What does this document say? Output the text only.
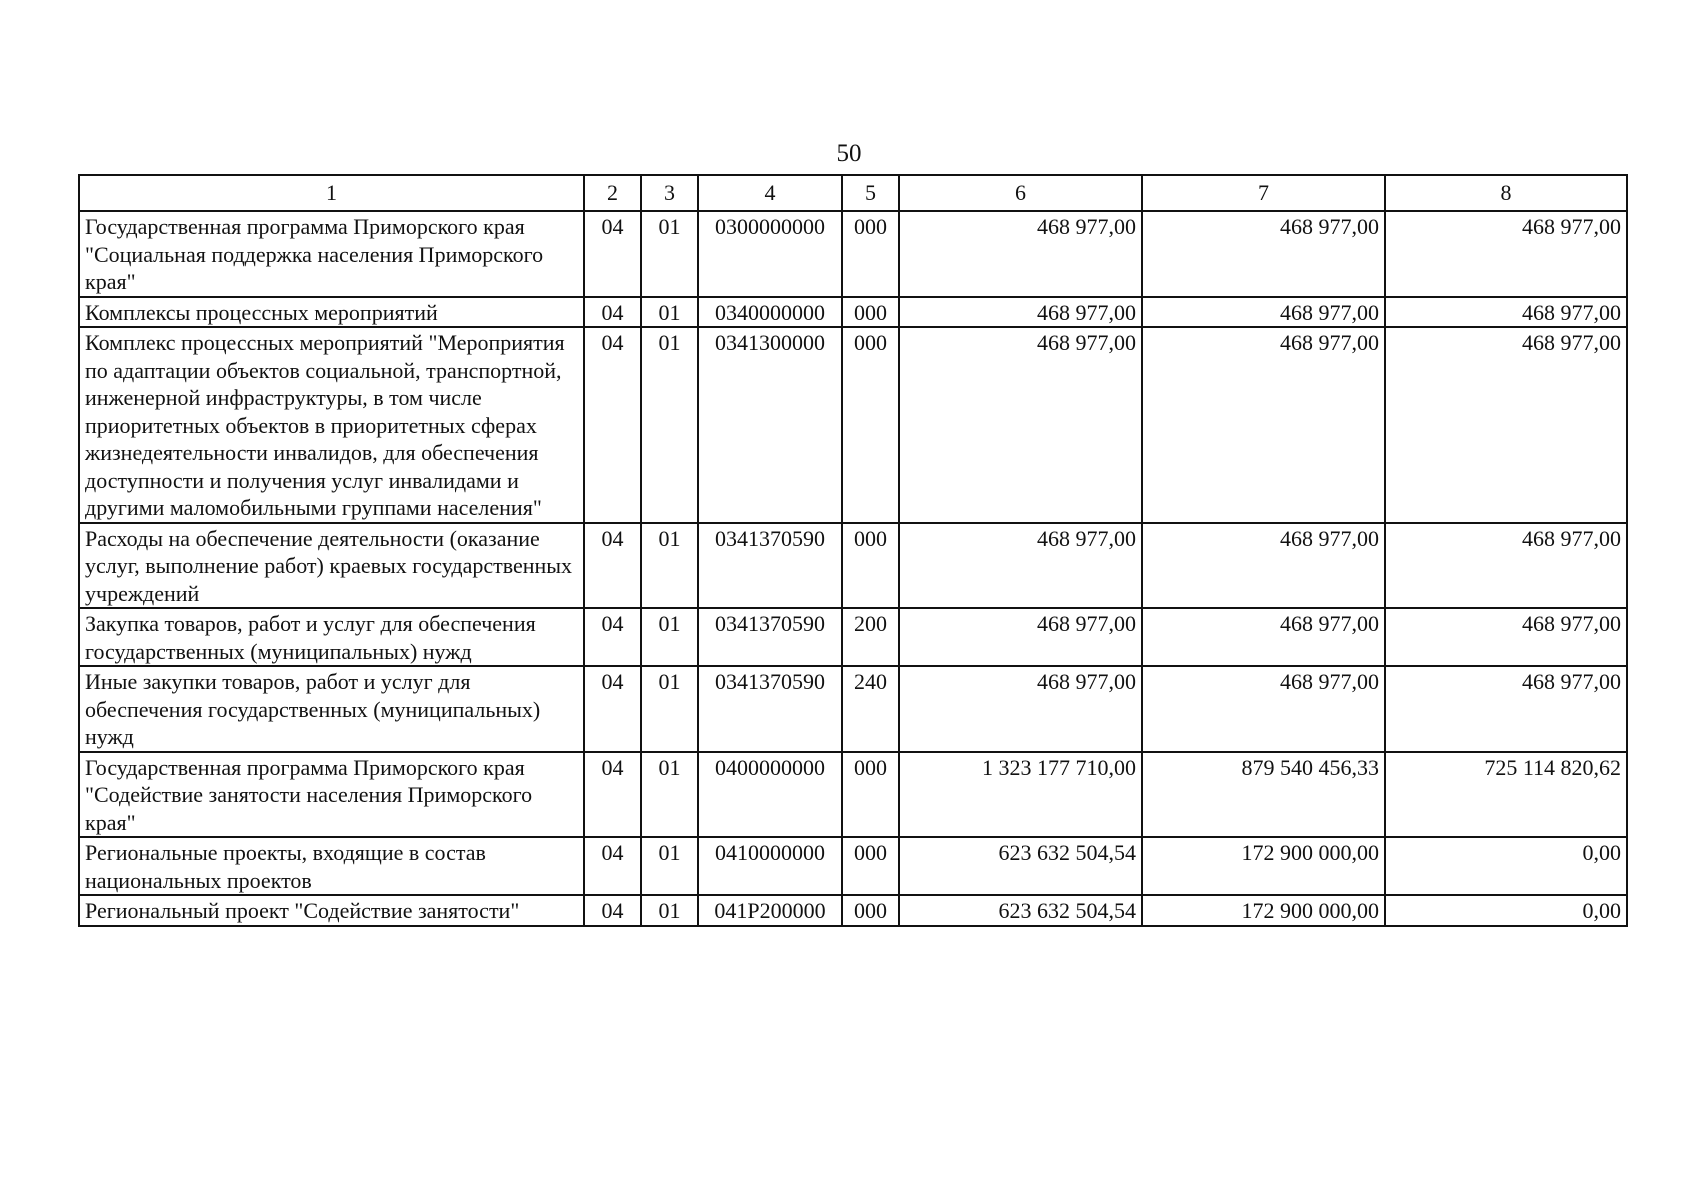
50
1	2	3	4	5	6	7	8
Государственная программа Приморского края "Социальная поддержка населения Приморского края"	04	01	0300000000	000	468 977,00	468 977,00	468 977,00
Комплексы процессных мероприятий	04	01	0340000000	000	468 977,00	468 977,00	468 977,00
Комплекс процессных мероприятий "Мероприятия по адаптации объектов социальной, транспортной, инженерной инфраструктуры, в том числе приоритетных объектов в приоритетных сферах жизнедеятельности инвалидов, для обеспечения доступности и получения услуг инвалидами и другими маломобильными группами населения"	04	01	0341300000	000	468 977,00	468 977,00	468 977,00
Расходы на обеспечение деятельности (оказание услуг, выполнение работ) краевых государственных учреждений	04	01	0341370590	000	468 977,00	468 977,00	468 977,00
Закупка товаров, работ и услуг для обеспечения государственных (муниципальных) нужд	04	01	0341370590	200	468 977,00	468 977,00	468 977,00
Иные закупки товаров, работ и услуг для обеспечения государственных (муниципальных) нужд	04	01	0341370590	240	468 977,00	468 977,00	468 977,00
Государственная программа Приморского края "Содействие занятости населения Приморского края"	04	01	0400000000	000	1 323 177 710,00	879 540 456,33	725 114 820,62
Региональные проекты, входящие в состав национальных проектов	04	01	0410000000	000	623 632 504,54	172 900 000,00	0,00
Региональный проект "Содействие занятости"	04	01	041P200000	000	623 632 504,54	172 900 000,00	0,00
